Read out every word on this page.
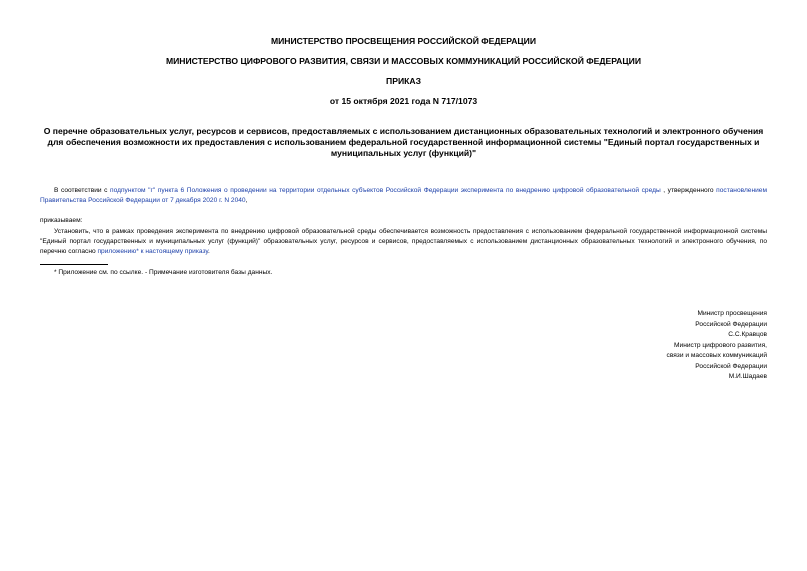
МИНИСТЕРСТВО ПРОСВЕЩЕНИЯ РОССИЙСКОЙ ФЕДЕРАЦИИ
МИНИСТЕРСТВО ЦИФРОВОГО РАЗВИТИЯ, СВЯЗИ И МАССОВЫХ КОММУНИКАЦИЙ РОССИЙСКОЙ ФЕДЕРАЦИИ
ПРИКАЗ
от 15 октября 2021 года N 717/1073
О перечне образовательных услуг, ресурсов и сервисов, предоставляемых с использованием дистанционных образовательных технологий и электронного обучения для обеспечения возможности их предоставления с использованием федеральной государственной информационной системы "Единый портал государственных и муниципальных услуг (функций)"
В соответствии с подпунктом "г" пункта 6 Положения о проведении на территории отдельных субъектов Российской Федерации эксперимента по внедрению цифровой образовательной среды , утвержденного постановлением Правительства Российской Федерации от 7 декабря 2020 г. N 2040,
приказываем:
Установить, что в рамках проведения эксперимента по внедрению цифровой образовательной среды обеспечивается возможность предоставления с использованием федеральной государственной информационной системы "Единый портал государственных и муниципальных услуг (функций)" образовательных услуг, ресурсов и сервисов, предоставляемых с использованием дистанционных образовательных технологий и электронного обучения, по перечню согласно приложению* к настоящему приказу.
* Приложение см. по ссылке. - Примечание изготовителя базы данных.
Министр просвещения
Российской Федерации
С.С.Кравцов
Министр цифрового развития,
связи и массовых коммуникаций
Российской Федерации
М.И.Шадаев
